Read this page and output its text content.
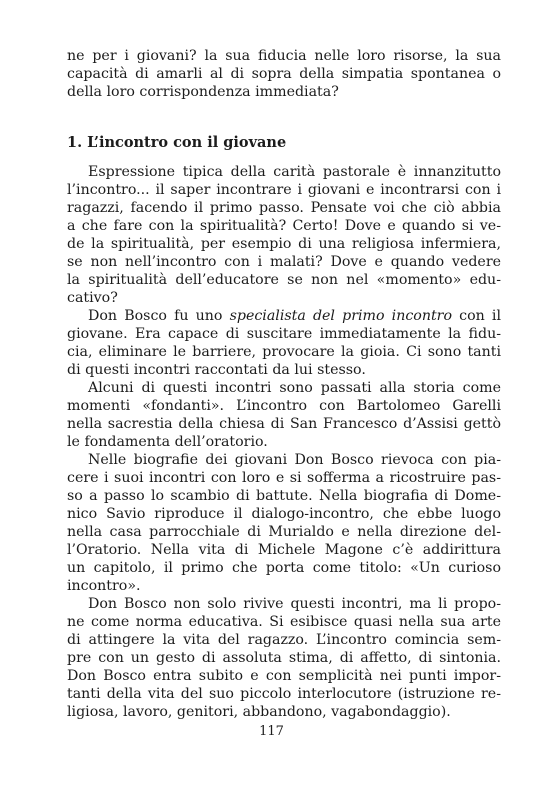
ne per i giovani? la sua fiducia nelle loro risorse, la sua
capacità di amarli al di sopra della simpatia spontanea o
della loro corrispondenza immediata?
1. L’incontro con il giovane
Espressione tipica della carità pastorale è innanzitutto
l’incontro... il saper incontrare i giovani e incontrarsi con i
ragazzi, facendo il primo passo. Pensate voi che ciò abbia
a che fare con la spiritualità? Certo! Dove e quando si ve-
de la spiritualità, per esempio di una religiosa infermiera,
se non nell’incontro con i malati? Dove e quando vedere
la spiritualità dell’educatore se non nel «momento» edu-
cativo?
Don Bosco fu uno specialista del primo incontro con il
giovane. Era capace di suscitare immediatamente la fidu-
cia, eliminare le barriere, provocare la gioia. Ci sono tanti
di questi incontri raccontati da lui stesso.
Alcuni di questi incontri sono passati alla storia come
momenti «fondanti». L’incontro con Bartolomeo Garelli
nella sacrestia della chiesa di San Francesco d’Assisi gettò
le fondamenta dell’oratorio.
Nelle biografie dei giovani Don Bosco rievoca con pia-
cere i suoi incontri con loro e si sofferma a ricostruire pas-
so a passo lo scambio di battute. Nella biografia di Dome-
nico Savio riproduce il dialogo-incontro, che ebbe luogo
nella casa parrocchiale di Murialdo e nella direzione del-
l’Oratorio. Nella vita di Michele Magone c’è addirittura
un capitolo, il primo che porta come titolo: «Un curioso
incontro».
Don Bosco non solo rivive questi incontri, ma li propo-
ne come norma educativa. Si esibisce quasi nella sua arte
di attingere la vita del ragazzo. L’incontro comincia sem-
pre con un gesto di assoluta stima, di affetto, di sintonia.
Don Bosco entra subito e con semplicità nei punti impor-
tanti della vita del suo piccolo interlocutore (istruzione re-
ligiosa, lavoro, genitori, abbandono, vagabondaggio).
117
